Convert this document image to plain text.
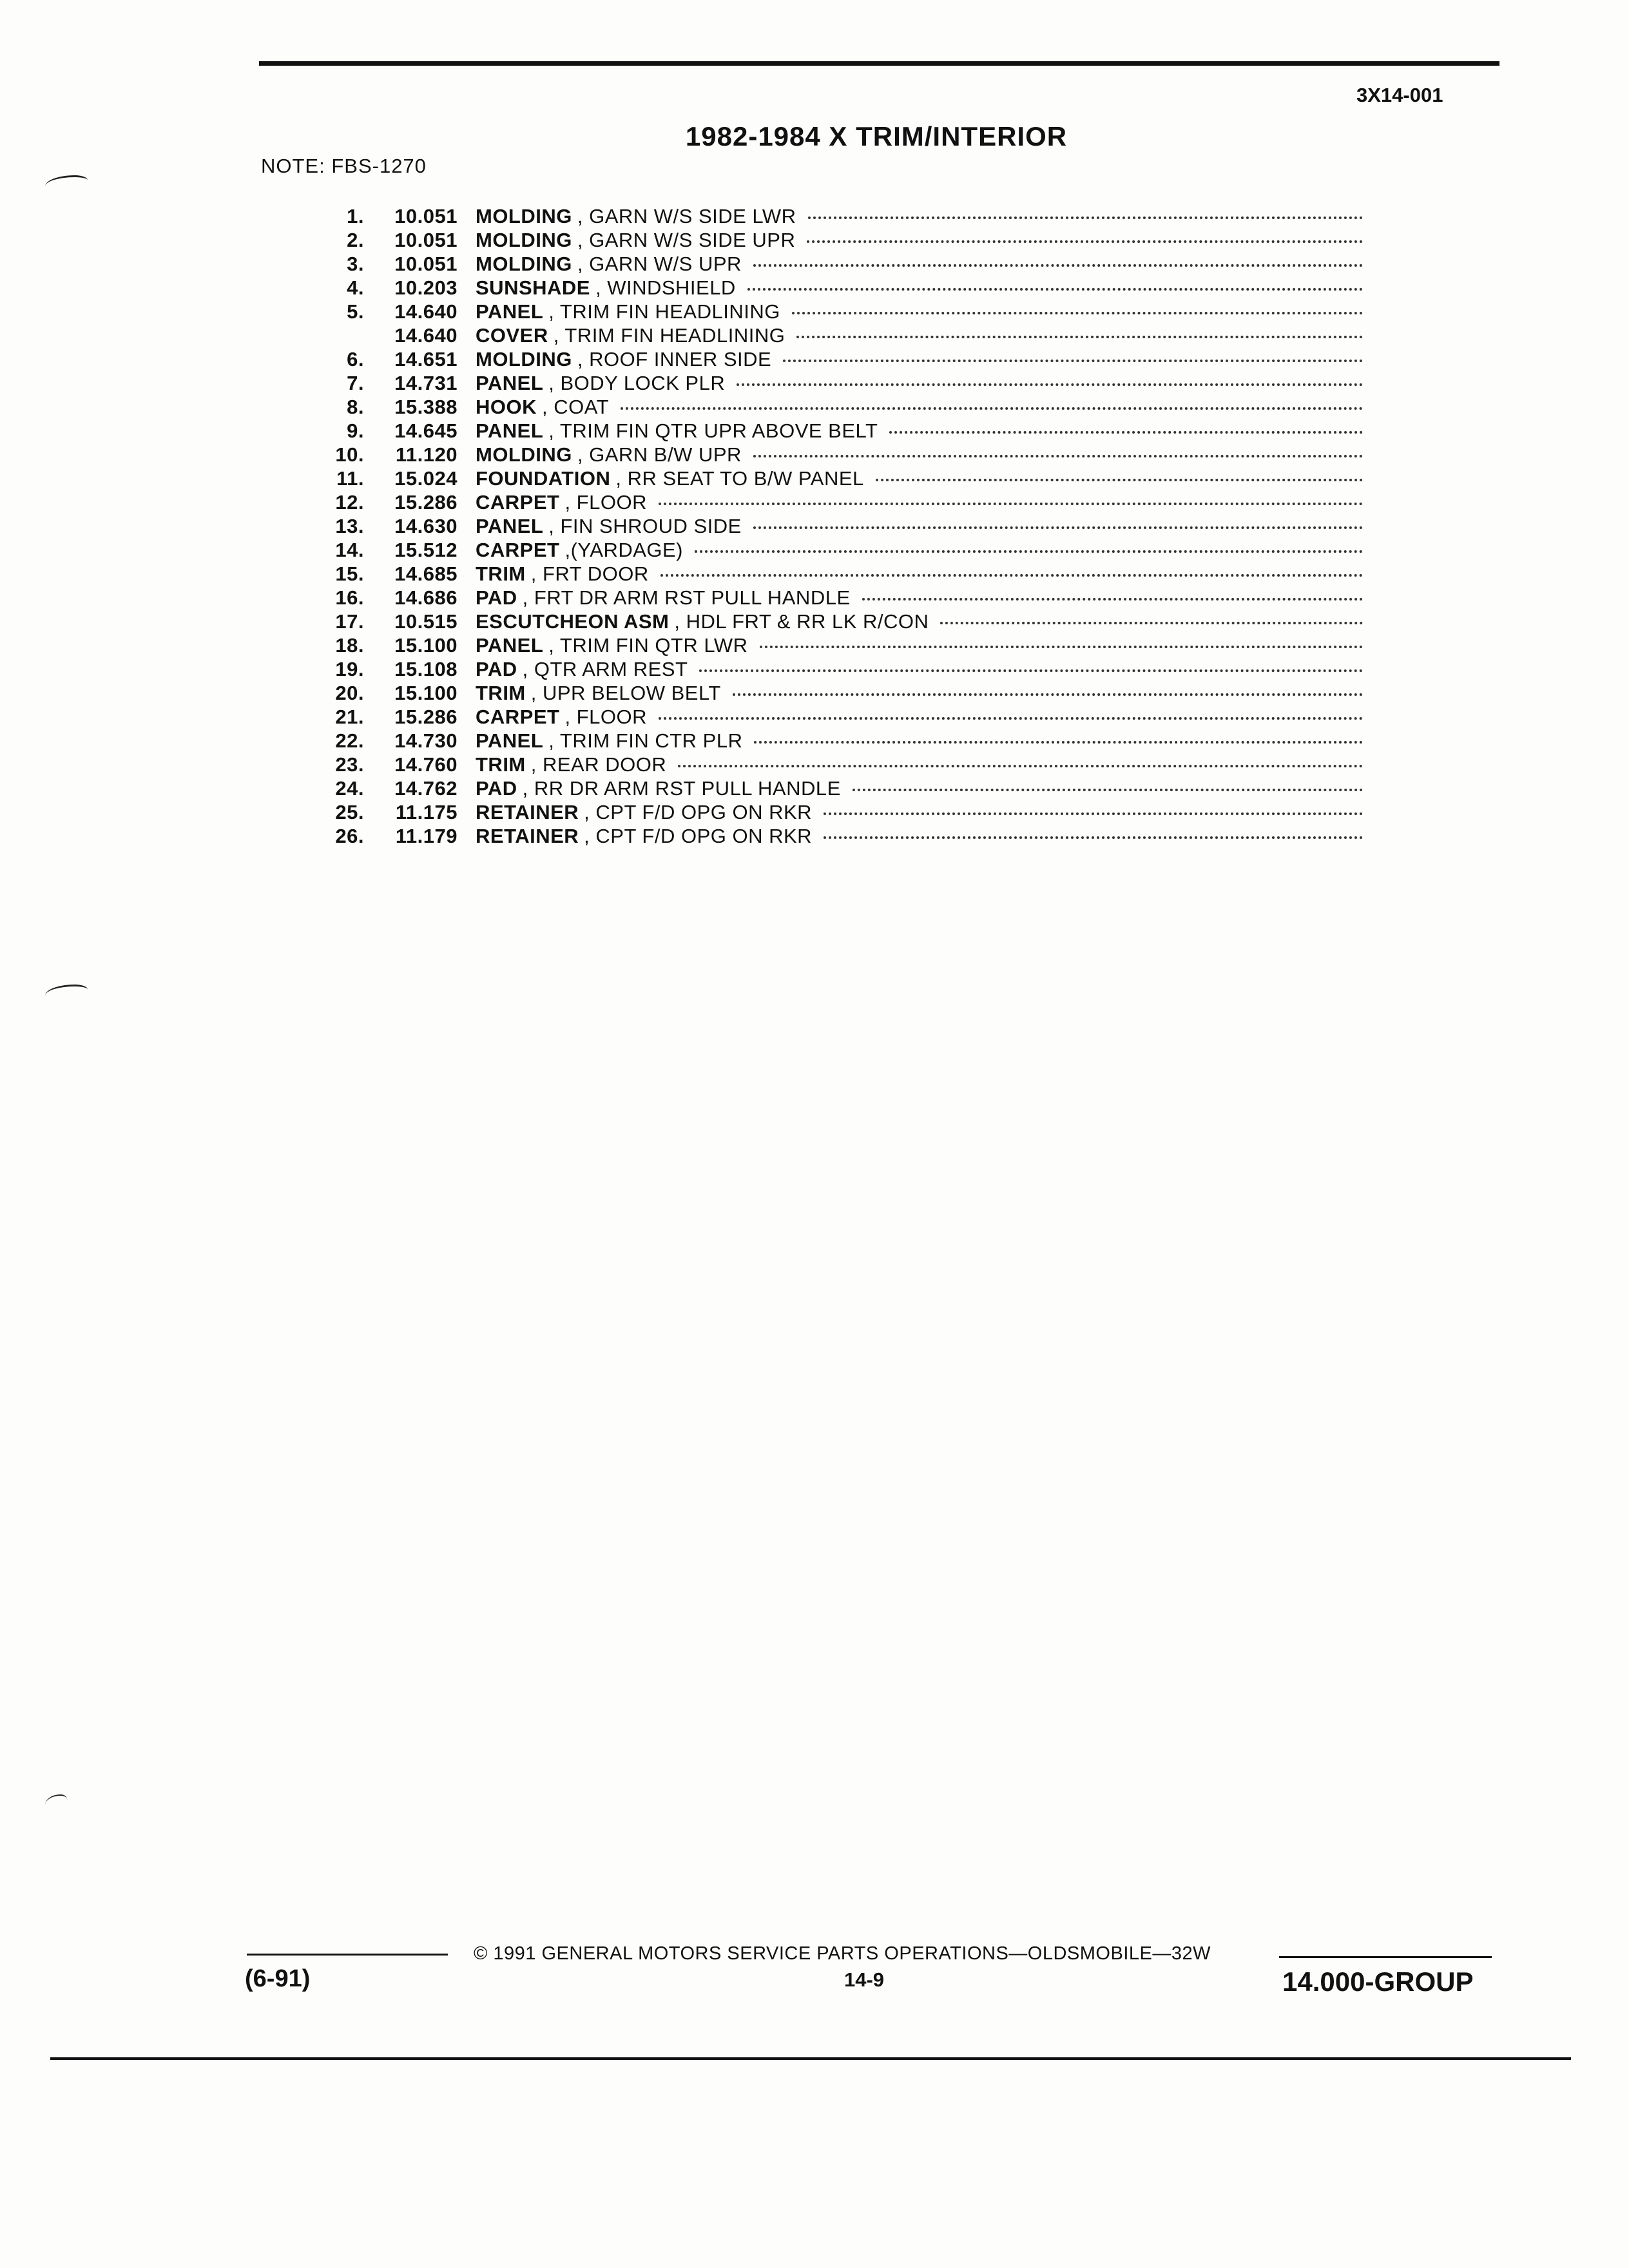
3X14-001
1982-1984 X TRIM/INTERIOR
NOTE: FBS-1270
1.	10.051 MOLDING , GARN W/S SIDE LWR
2.	10.051 MOLDING , GARN W/S SIDE UPR
3.	10.051 MOLDING , GARN W/S UPR
4.	10.203 SUNSHADE , WINDSHIELD
5.	14.640 PANEL , TRIM FIN HEADLINING
14.640 COVER , TRIM FIN HEADLINING
6.	14.651 MOLDING , ROOF INNER SIDE
7.	14.731 PANEL , BODY LOCK PLR
8.	15.388 HOOK , COAT
9.	14.645 PANEL , TRIM FIN QTR UPR ABOVE BELT
10.	11.120 MOLDING , GARN B/W UPR
11.	15.024 FOUNDATION , RR SEAT TO B/W PANEL
12.	15.286 CARPET , FLOOR
13.	14.630 PANEL , FIN SHROUD SIDE
14.	15.512 CARPET ,(YARDAGE)
15.	14.685 TRIM , FRT DOOR
16.	14.686 PAD , FRT DR ARM RST PULL HANDLE
17.	10.515 ESCUTCHEON ASM , HDL FRT & RR LK R/CON
18.	15.100 PANEL , TRIM FIN QTR LWR
19.	15.108 PAD , QTR ARM REST
20.	15.100 TRIM , UPR BELOW BELT
21.	15.286 CARPET , FLOOR
22.	14.730 PANEL , TRIM FIN CTR PLR
23.	14.760 TRIM , REAR DOOR
24.	14.762 PAD , RR DR ARM RST PULL HANDLE
25.	11.175 RETAINER , CPT F/D OPG ON RKR
26.	11.179 RETAINER , CPT F/D OPG ON RKR
© 1991 GENERAL MOTORS SERVICE PARTS OPERATIONS—OLDSMOBILE—32W
(6-91)	14-9	14.000-GROUP
